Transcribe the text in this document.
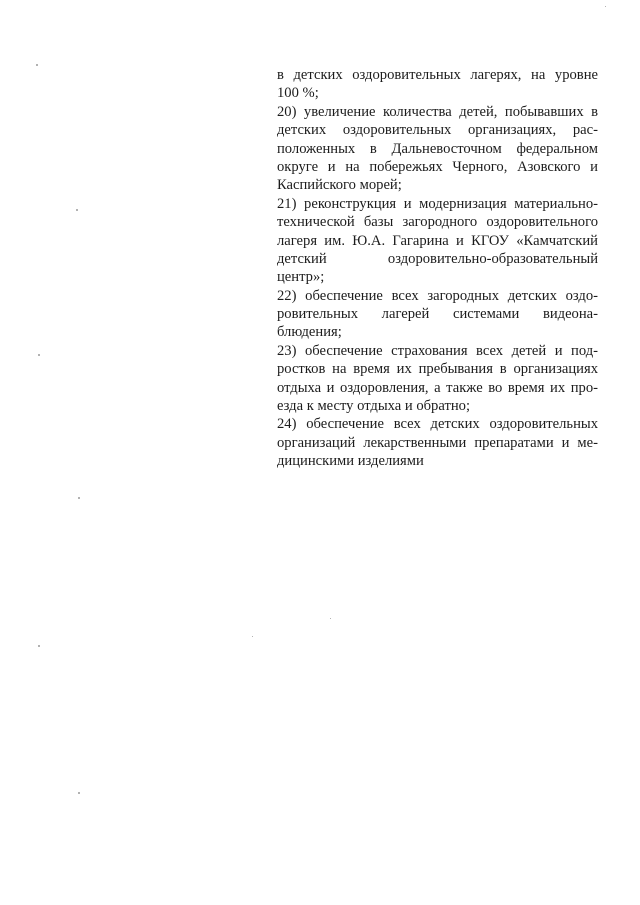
в детских оздоровительных лагерях, на уровне
100 %;
20) увеличение количества детей, побывавших в
детских оздоровительных организациях, рас-
положенных в Дальневосточном федеральном
округе и на побережьях Черного, Азовского и
Каспийского морей;
21) реконструкция и модернизация материально-
технической базы загородного оздоровительного
лагеря им. Ю.А. Гагарина и КГОУ «Камчатский
детский оздоровительно-образовательный
центр»;
22) обеспечение всех загородных детских оздо-
ровительных лагерей системами видеона-
блюдения;
23) обеспечение страхования всех детей и под-
ростков на время их пребывания в организациях
отдыха и оздоровления, а также во время их про-
езда к месту отдыха и обратно;
24) обеспечение всех детских оздоровительных
организаций лекарственными препаратами и ме-
дицинскими изделиями
